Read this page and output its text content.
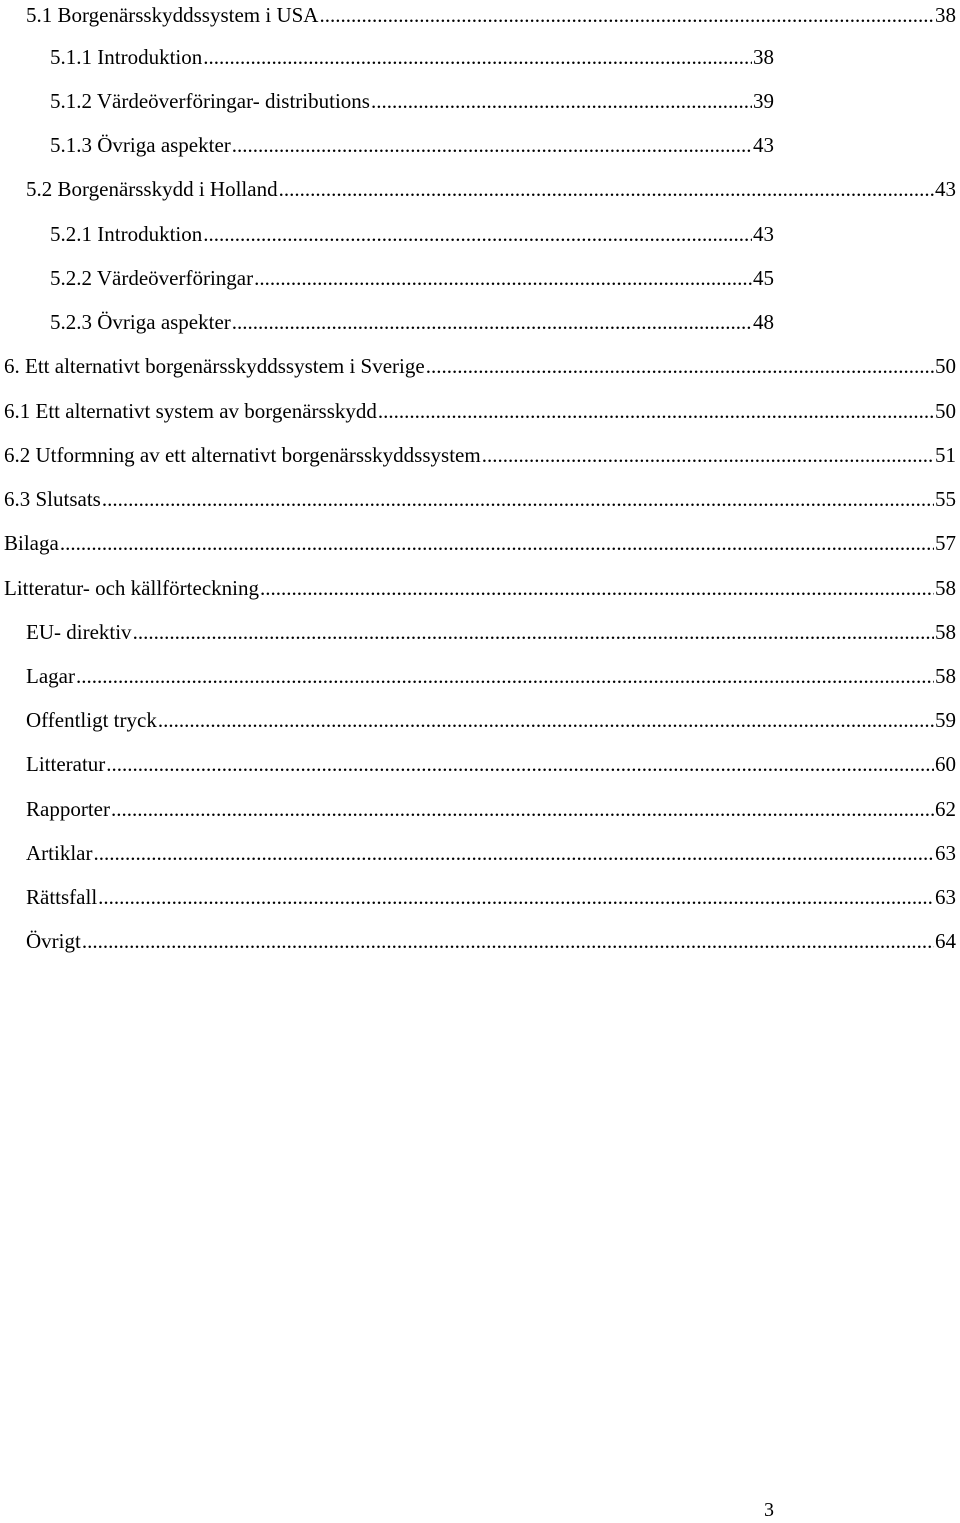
5.1 Borgenärsskyddssystem i USA .....	38
5.1.1 Introduktion .....	38
5.1.2 Värdeöverföringar- distributions .....	39
5.1.3 Övriga aspekter .....	43
5.2 Borgenärsskydd i Holland .....	43
5.2.1 Introduktion .....	43
5.2.2 Värdeöverföringar .....	45
5.2.3 Övriga aspekter .....	48
6. Ett alternativt borgenärsskyddssystem i Sverige .....	50
6.1 Ett alternativt system av borgenärsskydd .....	50
6.2 Utformning av ett alternativt borgenärsskyddssystem .....	51
6.3 Slutsats .....	55
Bilaga .....	57
Litteratur- och källförteckning .....	58
EU- direktiv .....	58
Lagar .....	58
Offentligt tryck .....	59
Litteratur .....	60
Rapporter .....	62
Artiklar .....	63
Rättsfall .....	63
Övrigt .....	64
3
